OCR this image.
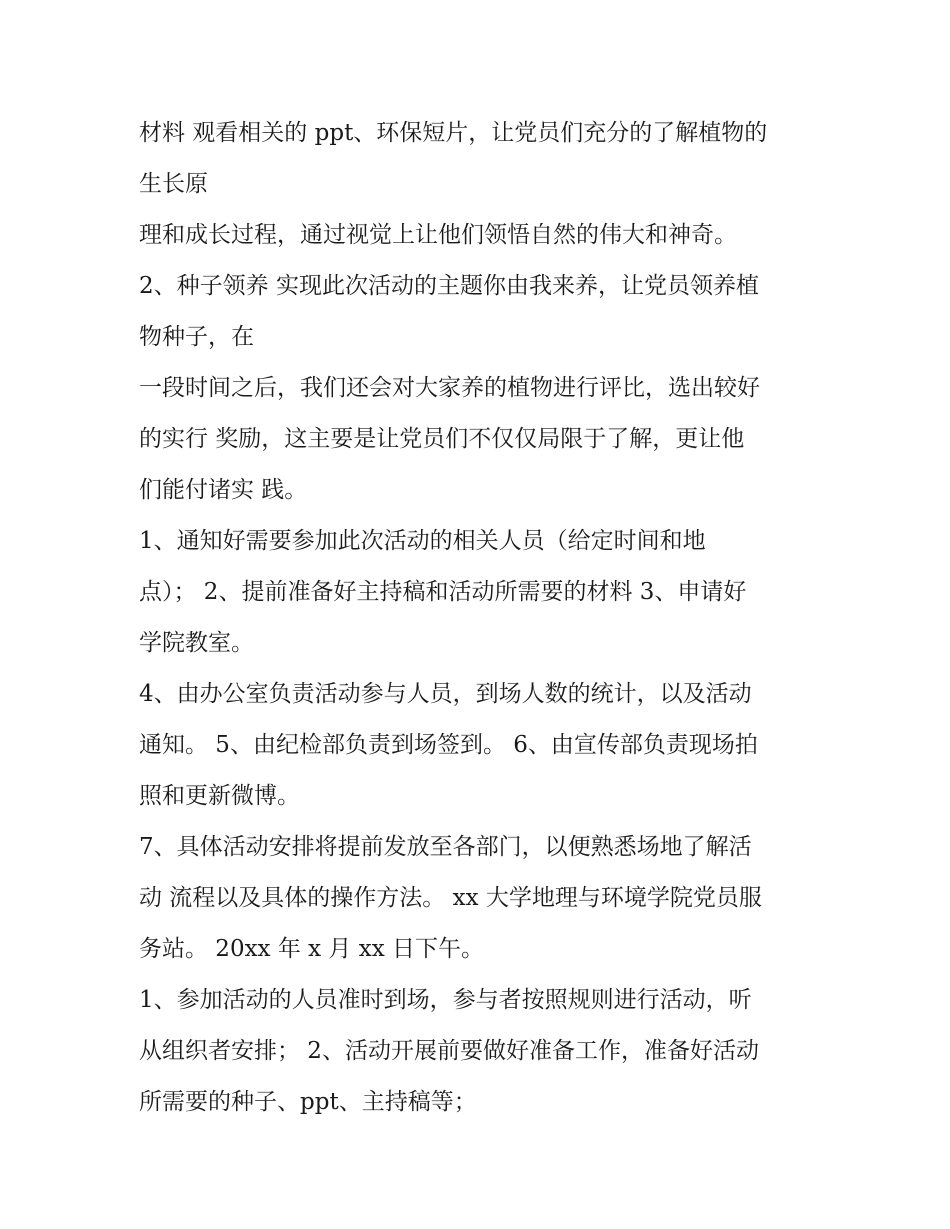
材料 观看相关的 ppt、环保短片，让党员们充分的了解植物的
生长原
理和成长过程，通过视觉上让他们领悟自然的伟大和神奇。
2、种子领养 实现此次活动的主题你由我来养，让党员领养植
物种子，在
一段时间之后，我们还会对大家养的植物进行评比，选出较好
的实行 奖励，这主要是让党员们不仅仅局限于了解，更让他
们能付诸实 践。
1、通知好需要参加此次活动的相关人员（给定时间和地
点）； 2、提前准备好主持稿和活动所需要的材料 3、申请好
学院教室。
4、由办公室负责活动参与人员，到场人数的统计，以及活动
通知。 5、由纪检部负责到场签到。 6、由宣传部负责现场拍
照和更新微博。
7、具体活动安排将提前发放至各部门，以便熟悉场地了解活
动 流程以及具体的操作方法。 xx 大学地理与环境学院党员服
务站。 20xx 年 x 月 xx 日下午。
1、参加活动的人员准时到场，参与者按照规则进行活动，听
从组织者安排； 2、活动开展前要做好准备工作，准备好活动
所需要的种子、ppt、主持稿等；
